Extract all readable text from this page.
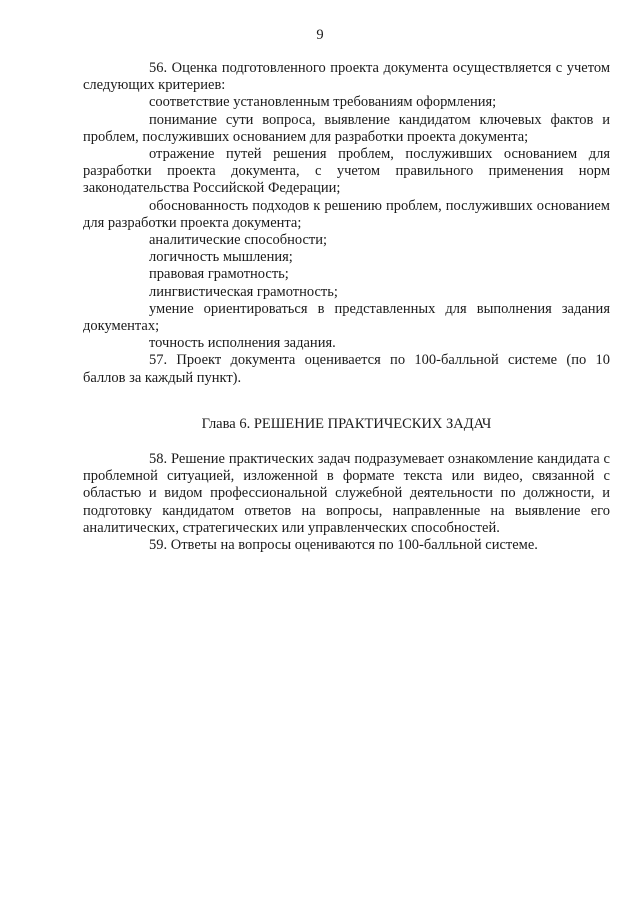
9

56. Оценка подготовленного проекта документа осуществляется с учетом следующих критериев:

соответствие установленным требованиям оформления;

понимание сути вопроса, выявление кандидатом ключевых фактов и проблем, послуживших основанием для разработки проекта документа;

отражение путей решения проблем, послуживших основанием для разработки проекта документа, с учетом правильного применения норм законодательства Российской Федерации;

обоснованность подходов к решению проблем, послуживших основанием для разработки проекта документа;

аналитические способности;

логичность мышления;

правовая грамотность;

лингвистическая грамотность;

умение ориентироваться в представленных для выполнения задания документах;

точность исполнения задания.

57. Проект документа оценивается по 100-балльной системе (по 10 баллов за каждый пункт).

Глава 6. РЕШЕНИЕ ПРАКТИЧЕСКИХ ЗАДАЧ

58. Решение практических задач подразумевает ознакомление кандидата с проблемной ситуацией, изложенной в формате текста или видео, связанной с областью и видом профессиональной служебной деятельности по должности, и подготовку кандидатом ответов на вопросы, направленные на выявление его аналитических, стратегических или управленческих способностей.

59. Ответы на вопросы оцениваются по 100-балльной системе.
